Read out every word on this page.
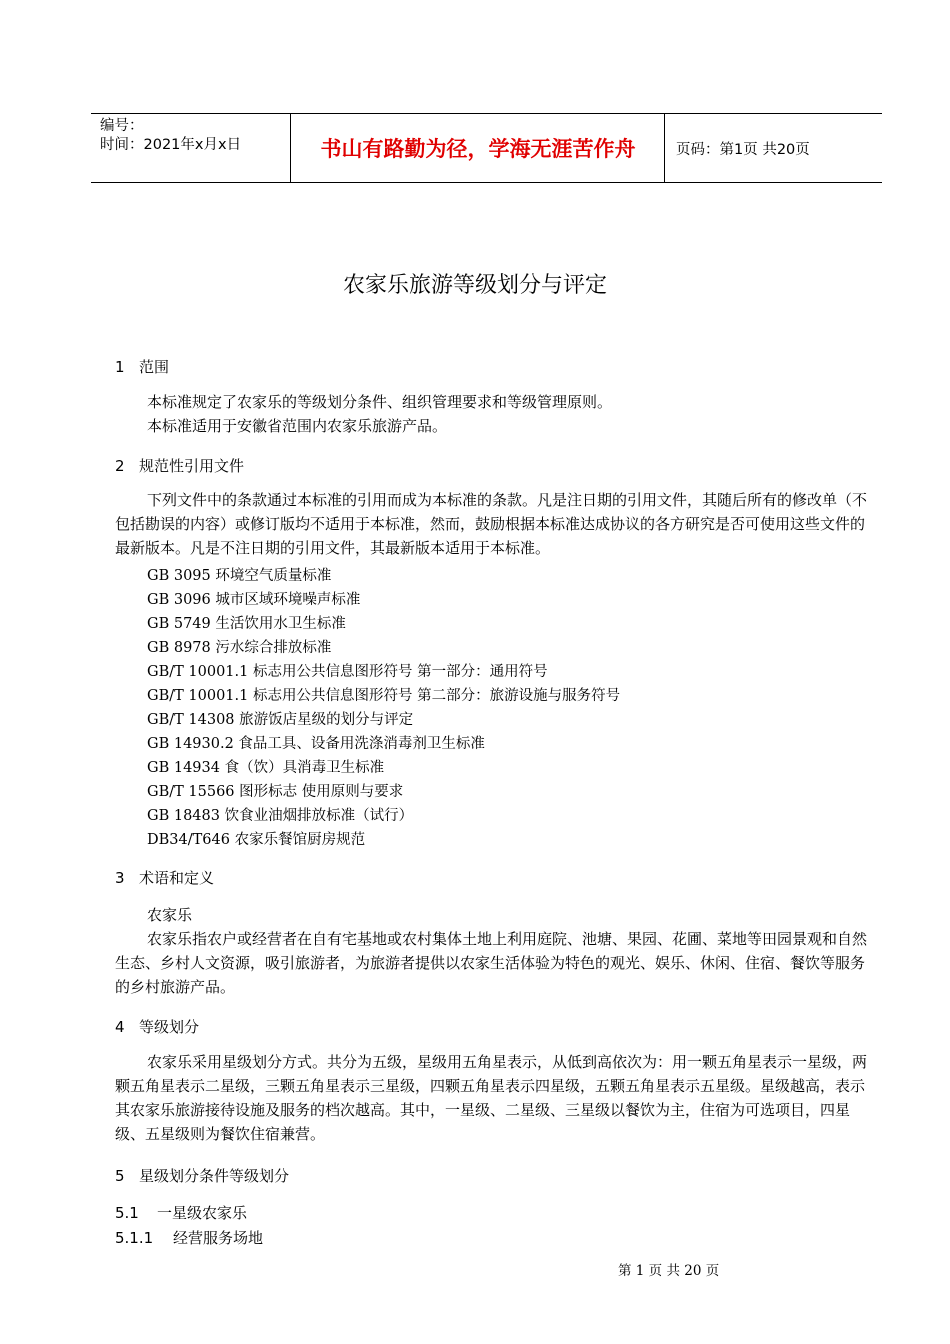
编号：
时间：2021年x月x日	书山有路勤为径，学海无涯苦作舟	页码：第1页 共20页
农家乐旅游等级划分与评定
1 范围
本标准规定了农家乐的等级划分条件、组织管理要求和等级管理原则。
本标准适用于安徽省范围内农家乐旅游产品。
2 规范性引用文件
下列文件中的条款通过本标准的引用而成为本标准的条款。凡是注日期的引用文件，其随后所有的修改单（不包括勘误的内容）或修订版均不适用于本标准，然而，鼓励根据本标准达成协议的各方研究是否可使用这些文件的最新版本。凡是不注日期的引用文件，其最新版本适用于本标准。
GB 3095 环境空气质量标准
GB 3096 城市区域环境噪声标准
GB 5749 生活饮用水卫生标准
GB 8978 污水综合排放标准
GB/T 10001.1 标志用公共信息图形符号 第一部分：通用符号
GB/T 10001.1 标志用公共信息图形符号 第二部分：旅游设施与服务符号
GB/T 14308 旅游饭店星级的划分与评定
GB 14930.2 食品工具、设备用洗涤消毒剂卫生标准
GB 14934 食（饮）具消毒卫生标准
GB/T 15566 图形标志 使用原则与要求
GB 18483 饮食业油烟排放标准（试行）
DB34/T646 农家乐餐馆厨房规范
3 术语和定义
农家乐
农家乐指农户或经营者在自有宅基地或农村集体土地上利用庭院、池塘、果园、花圃、菜地等田园景观和自然生态、乡村人文资源，吸引旅游者，为旅游者提供以农家生活体验为特色的观光、娱乐、休闲、住宿、餐饮等服务的乡村旅游产品。
4 等级划分
农家乐采用星级划分方式。共分为五级，星级用五角星表示，从低到高依次为：用一颗五角星表示一星级，两颗五角星表示二星级，三颗五角星表示三星级，四颗五角星表示四星级，五颗五角星表示五星级。星级越高，表示其农家乐旅游接待设施及服务的档次越高。其中，一星级、二星级、三星级以餐饮为主，住宿为可选项目，四星级、五星级则为餐饮住宿兼营。
5 星级划分条件等级划分
5.1 一星级农家乐
5.1.1 经营服务场地
第 1 页 共 20 页
